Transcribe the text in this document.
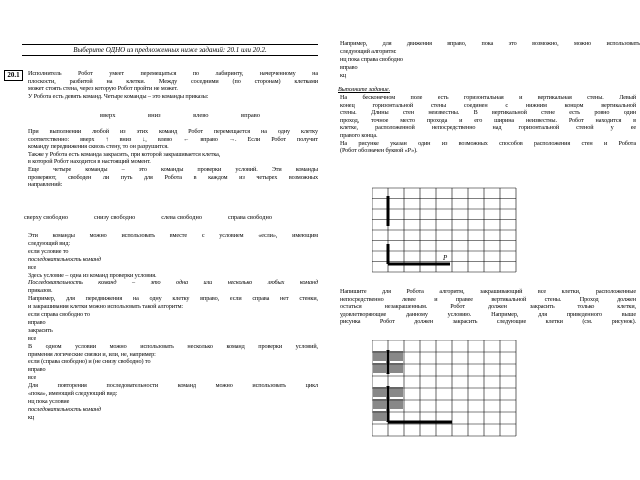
Выберите ОДНО из предложенных ниже заданий: 20.1 или 20.2.
20.1	Исполнитель Робот умеет перемещаться по лабиринту, начерченному на
плоскости, разбитой на клетки. Между соседними (по сторонам) клетками
может стоять стена, через которую Робот пройти не может.
У Робота есть девять команд. Четыре команды – это команды приказы:
вверх	вниз	влево	вправо
При выполнении любой из этих команд Робот перемещается на одну клетку
соответственно: вверх ↑ вниз ↓, влево ← вправо →. Если Робот получит
команду передвижения сквозь стену, то он разрушится.
Также у Робота есть команда закрасить, при которой закрашивается клетка,
в которой Робот находится в настоящий момент.
Еще четыре команды – это команды проверки условий. Эти команды
проверяют, свободен ли путь для Робота в каждом из четырех возможных
направлений:
сверху свободно	снизу свободно	слева свободно	справа свободно
Эти команды можно использовать вместе с условием «если», имеющим
следующий вид:
если условие то
последовательность команд
все
Здесь условие – одна из команд проверки условия.
Последовательность команд – это одна или несколько любых команд
приказов.
Например, для передвижения на одну клетку вправо, если справа нет стенки,
и закрашивания клетки можно использовать такой алгоритм:
если справа свободно то
вправо
закрасить
все
В одном условии можно использовать несколько команд проверки условий,
применяя логические связки и, или, не, например:
если (справа свободно) и (не снизу свободно) то
вправо
все
Для повторения последовательности команд можно использовать цикл
«пока», имеющий следующий вид:
нц пока условие
последовательность команд
кц
Например, для движения вправо, пока это возможно, можно использовать
следующий алгоритм:
нц пока справа свободно
вправо
кц
Выполните задание.
На бесконечном поле есть горизонтальная и вертикальная стены. Левый
конец горизонтальной стены соединен с нижним концом вертикальной
стены. Длины стен неизвестны. В вертикальной стене есть ровно один
проход, точное место прохода и его ширина неизвестны. Робот находится в
клетке, расположенной непосредственно над горизонтальной стеной у ее
правого конца.
На рисунке указан один из возможных способов расположения стен и Робота
(Робот обозначен буквой «Р»).
Р
Напишите для Робота алгоритм, закрашивающий все клетки, расположенные
непосредственно левее и правее вертикальной стены. Проход должен
остаться незакрашенным. Робот должен закрасить только клетки,
удовлетворяющие данному условию. Например, для приведенного выше
рисунка Робот должен закрасить следующие клетки (см. рисунок).
